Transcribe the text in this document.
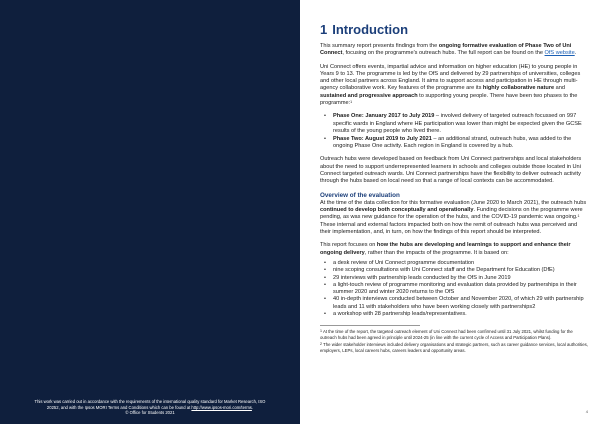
This work was carried out in accordance with the requirements of the international quality standard for Market Research, ISO
20252, and with the Ipsos MORI Terms and Conditions which can be found at http://www.ipsos-mori.com/terms.
© Office for Students 2021
1 Introduction

This summary report presents findings from the ongoing formative evaluation of Phase Two of Uni Connect, focusing on the programme's outreach hubs. The full report can be found on the OfS website.

Uni Connect offers events, impartial advice and information on higher education (HE) to young people in Years 9 to 13. The programme is led by the OfS and delivered by 29 partnerships of universities, colleges and other local partners across England. It aims to support access and participation in HE through multi-agency collaborative work. Key features of the programme are its highly collaborative nature and sustained and progressive approach to supporting young people. There have been two phases to the programme:$^1$

• Phase One: January 2017 to July 2019 – involved delivery of targeted outreach focussed on 997 specific wards in England where HE participation was lower than might be expected given the GCSE results of the young people who lived there.
• Phase Two: August 2019 to July 2021 – an additional strand, outreach hubs, was added to the ongoing Phase One activity. Each region in England is covered by a hub.

Outreach hubs were developed based on feedback from Uni Connect partnerships and local stakeholders about the need to support underrepresented learners in schools and colleges outside those located in Uni Connect targeted outreach wards. Uni Connect partnerships have the flexibility to deliver outreach activity through the hubs based on local need so that a range of local contexts can be accommodated.

Overview of the evaluation

At the time of the data collection for this formative evaluation (June 2020 to March 2021), the outreach hubs continued to develop both conceptually and operationally. Funding decisions on the programme were pending, as was new guidance for the operation of the hubs, and the COVID-19 pandemic was ongoing.$^1$ These internal and external factors impacted both on how the remit of outreach hubs was perceived and their implementation, and, in turn, on how the findings of this report should be interpreted.

This report focuses on how the hubs are developing and learnings to support and enhance their ongoing delivery, rather than the impacts of the programme. It is based on:

• a desk review of Uni Connect programme documentation
• nine scoping consultations with Uni Connect staff and the Department for Education (DfE)
• 29 interviews with partnership leads conducted by the OfS in June 2019
• a light-touch review of programme monitoring and evaluation data provided by partnerships in their summer 2020 and winter 2020 returns to the OfS
• 40 in-depth interviews conducted between October and November 2020, of which 29 with partnership leads and 11 with stakeholders who have been working closely with partnerships2
• a workshop with 28 partnership leads/representatives.
$^1$ At the time of the report, the targeted outreach element of Uni Connect had been confirmed until 31 July 2021, whilst funding for the outreach hubs had been agreed in principle until 2024-25 (in line with the current cycle of Access and Participation Plans).
$^2$ The wider stakeholder interviews included delivery organisations and strategic partners, such as career guidance services, local authorities, employers, LEPs, local careers hubs, careers leaders and opportunity areas.
4
